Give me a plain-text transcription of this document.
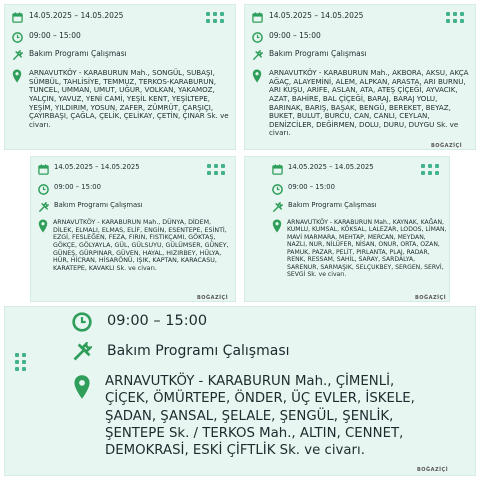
14.05.2025 – 14.05.2025
09:00 – 15:00
Bakım Programı Çalışması
ARNAVUTKÖY - KARABURUN Mah., SONGÜL, SUBAŞI, SÜMBÜL, TAHLİSİYE, TEMMUZ, TERKOS-KARABURUN, TUNCEL, UMMAN, UMUT, UĞUR, VOLKAN, YAKAMOZ, YALÇIN, YAVUZ, YENİ CAMİ, YEŞİL KENT, YEŞİLTEPE, YEŞİM, YILDIRIM, YOSUN, ZAFER, ZÜMRÜT, ÇARŞIÇI, ÇAYIRBAŞI, ÇAĞLA, ÇELİK, ÇELİKAY, ÇETİN, ÇINAR Sk. ve civarı.
14.05.2025 – 14.05.2025
09:00 – 15:00
Bakım Programı Çalışması
ARNAVUTKÖY - KARABURUN Mah., AKBORA, AKSU, AKÇA AĞAÇ, ALAYEMİNİ, ALEM, ALPKAN, ARASTA, ARI BURNU, ARI KUŞU, ARİFE, ASLAN, ATA, ATEŞ ÇİÇEĞİ, AYVACIK, AZAT, BAHİRE, BAL ÇİÇEĞİ, BARAJ, BARAJ YOLU, BARINAK, BARIŞ, BAŞAK, BENGÜ, BEREKET, BEYAZ, BUKET, BULUT, BURCU, CAN, CANLI, CEYLAN, DENİZCİLER, DEĞİRMEN, DOLU, DURU, DUYGU Sk. ve civarı.
BOĞAZİÇİ
14.05.2025 – 14.05.2025
09:00 – 15:00
Bakım Programı Çalışması
ARNAVUTKÖY - KARABURUN Mah., DÜNYA, DİDEM, DİLEK, ELMALI, ELMAS, ELİF, ENGİN, ESENTEPE, ESİNTİ, EZGİ, FESLEĞEN, FEZA, FIRIN, FISTIKÇAMI, GÖKTAŞ, GÖKÇE, GÖLYAYLA, GÜL, GÜLSUYU, GÜLÜMSER, GÜNEY, GÜNEŞ, GÜRPINAR, GÜVEN, HAYAL, HIZIRBEY, HÜLYA, HÜR, HİCRAN, HİSARÖNÜ, IŞIK, KAPTAN, KARACASU, KARATEPE, KAVAKLI Sk. ve civarı.
BOĞAZİÇİ
14.05.2025 – 14.05.2025
09:00 – 15:00
Bakım Programı Çalışması
ARNAVUTKÖY - KARABURUN Mah., KAYNAK, KAĞAN, KUMLU, KUMSAL, KÖKSAL, LALEZAR, LODOS, LİMAN, MAVİ MARMARA, MEHTAP, MERCAN, MEYDAN, NAZLI, NUR, NİLÜFER, NİSAN, ONUR, ORTA, OZAN, PAMUK, PAZAR, PELİT, PIRLANTA, PLAJ, RADAR, RENK, RESSAM, SAHİL, SARAY, SARDALYA, SARENUR, SARMAŞIK, SELÇUKBEY, SERGEN, SERVİ, SEVGİ Sk. ve civarı.
BOĞAZİÇİ
09:00 – 15:00
Bakım Programı Çalışması
ARNAVUTKÖY - KARABURUN Mah., ÇİMENLİ, ÇİÇEK, ÖMÜRTEPE, ÖNDER, ÜÇ EVLER, İSKELE, ŞADAN, ŞANSAL, ŞELALE, ŞENGÜL, ŞENLİK, ŞENTEPE Sk. / TERKOS Mah., ALTIN, CENNET, DEMOKRASİ, ESKİ ÇİFTLİK Sk. ve civarı.
BOĞAZİÇİ
